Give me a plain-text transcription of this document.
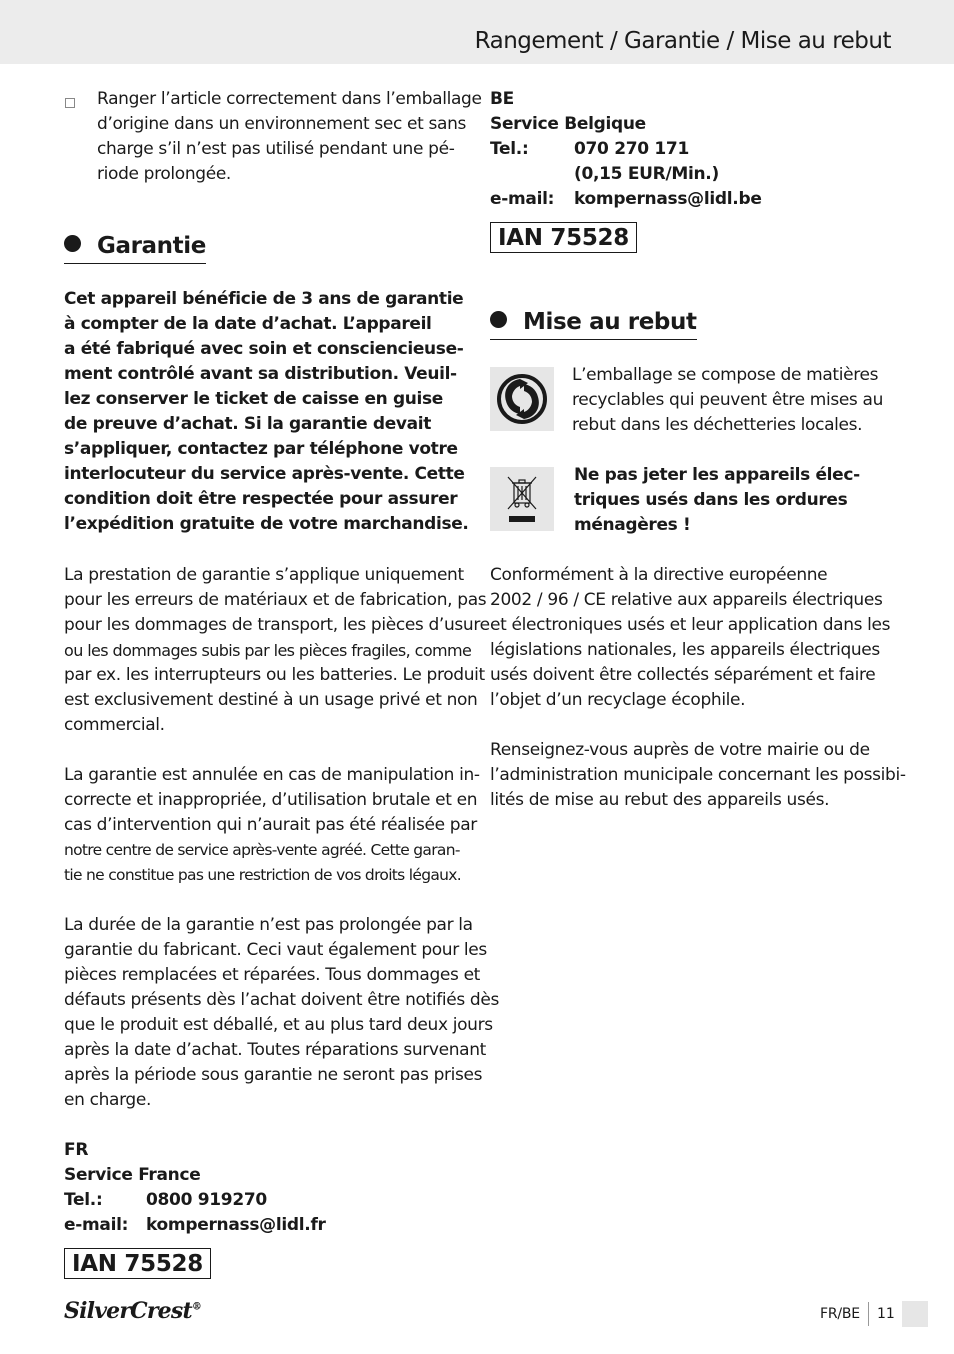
Rangement / Garantie / Mise au rebut

Ranger l’article correctement dans l’emballage

d’origine dans un environnement sec et sans

charge s’il n’est pas utilisé pendant une pé-

riode prolongée.

Garantie

Cet appareil bénéficie de 3 ans de garantie

à compter de la date d’achat. L’appareil

a été fabriqué avec soin et consciencieuse-

ment contrôlé avant sa distribution. Veuil-

lez conserver le ticket de caisse en guise

de preuve d’achat. Si la garantie devait

s’appliquer, contactez par téléphone votre

interlocuteur du service après-vente. Cette

condition doit être respectée pour assurer

l’expédition gratuite de votre marchandise.

La prestation de garantie s’applique uniquement

pour les erreurs de matériaux et de fabrication, pas

pour les dommages de transport, les pièces d’usure

ou les dommages subis par les pièces fragiles, comme

par ex. les interrupteurs ou les batteries. Le produit

est exclusivement destiné à un usage privé et non

commercial.

La garantie est annulée en cas de manipulation in-

correcte et inappropriée, d’utilisation brutale et en

cas d’intervention qui n’aurait pas été réalisée par

notre centre de service après-vente agréé. Cette garan-

tie ne constitue pas une restriction de vos droits légaux.

La durée de la garantie n’est pas prolongée par la

garantie du fabricant. Ceci vaut également pour les

pièces remplacées et réparées. Tous dommages et

défauts présents dès l’achat doivent être notifiés dès

que le produit est déballé, et au plus tard deux jours

après la date d’achat. Toutes réparations survenant

après la période sous garantie ne seront pas prises

en charge.

FR
Service France
Tel.:	0800 919270
e-mail: kompernass@lidl.fr
IAN 75528
BE
Service Belgique
Tel.:	070 270 171
(0,15 EUR/Min.)
e-mail: kompernass@lidl.be
IAN 75528
Mise au rebut

L’emballage se compose de matières

recyclables qui peuvent être mises au

rebut dans les déchetteries locales.

Ne pas jeter les appareils élec-

triques usés dans les ordures

ménagères !

Conformément à la directive européenne

2002 / 96 / CE relative aux appareils électriques

et électroniques usés et leur application dans les

législations nationales, les appareils électriques

usés doivent être collectés séparément et faire

l’objet d’un recyclage écophile.

Renseignez-vous auprès de votre mairie ou de

l’administration municipale concernant les possibi-

lités de mise au rebut des appareils usés.

SilverCrest®	FR/BE 11
